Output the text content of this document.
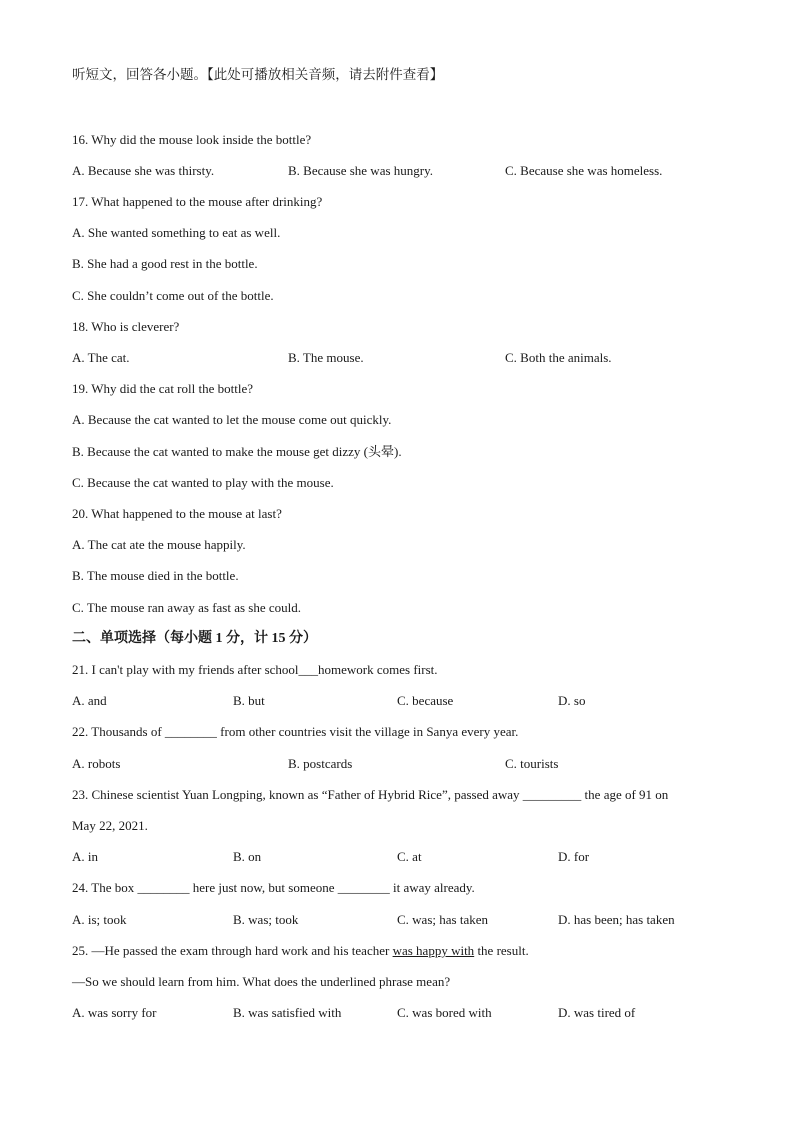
听短文，回答各小题。【此处可播放相关音频，请去附件查看】
16. Why did the mouse look inside the bottle?
A. Because she was thirsty.	B. Because she was hungry.	C. Because she was homeless.
17. What happened to the mouse after drinking?
A. She wanted something to eat as well.
B. She had a good rest in the bottle.
C. She couldn’t come out of the bottle.
18. Who is cleverer?
A. The cat.	B. The mouse.	C. Both the animals.
19. Why did the cat roll the bottle?
A. Because the cat wanted to let the mouse come out quickly.
B. Because the cat wanted to make the mouse get dizzy (头晕).
C. Because the cat wanted to play with the mouse.
20. What happened to the mouse at last?
A. The cat ate the mouse happily.
B. The mouse died in the bottle.
C. The mouse ran away as fast as she could.
二、单项选择（每小题 1 分，计 15 分）
21. I can't play with my friends after school___homework comes first.
A. and	B. but	C. because	D. so
22. Thousands of ________ from other countries visit the village in Sanya every year.
A. robots	B. postcards	C. tourists
23. Chinese scientist Yuan Longping, known as “Father of Hybrid Rice”, passed away _________ the age of 91 on
May 22, 2021.
A. in	B. on	C. at	D. for
24. The box ________ here just now, but someone ________ it away already.
A. is; took	B. was; took	C. was; has taken	D. has been; has taken
25. —He passed the exam through hard work and his teacher was happy with the result.
—So we should learn from him. What does the underlined phrase mean?
A. was sorry for	B. was satisfied with	C. was bored with	D. was tired of
